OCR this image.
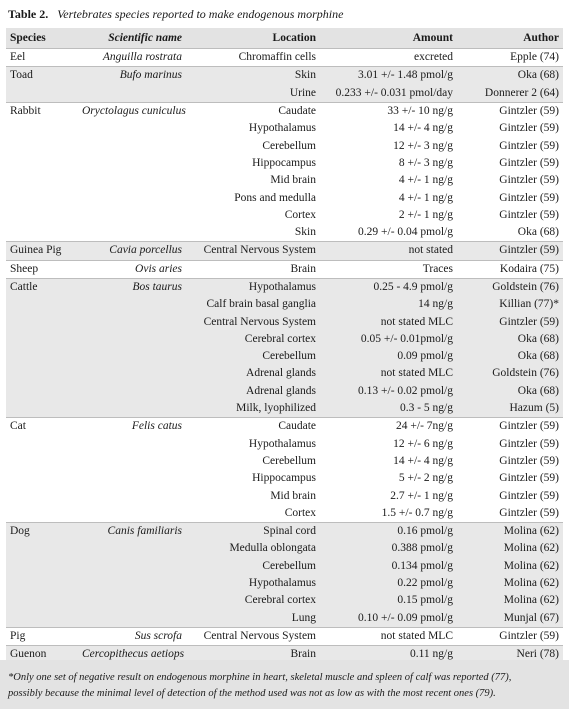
Table 2. Vertebrates species reported to make endogenous morphine
Species	Scientific name	Location	Amount	Author
Eel	Anguilla rostrata	Chromaffin cells	excreted	Epple (74)
Toad	Bufo marinus	Skin	3.01 +/- 1.48 pmol/g	Oka (68)
		Urine	0.233 +/- 0.031 pmol/day	Donnerer 2 (64)
Rabbit	Oryctolagus cuniculus	Caudate	33 +/- 10 ng/g	Gintzler (59)
		Hypothalamus	14 +/- 4 ng/g	Gintzler (59)
		Cerebellum	12 +/- 3 ng/g	Gintzler (59)
		Hippocampus	8 +/- 3 ng/g	Gintzler (59)
		Mid brain	4 +/- 1 ng/g	Gintzler (59)
		Pons and medulla	4 +/- 1 ng/g	Gintzler (59)
		Cortex	2 +/- 1 ng/g	Gintzler (59)
		Skin	0.29 +/- 0.04 pmol/g	Oka (68)
Guinea Pig	Cavia porcellus	Central Nervous System	not stated	Gintzler (59)
Sheep	Ovis aries	Brain	Traces	Kodaira (75)
Cattle	Bos taurus	Hypothalamus	0.25 - 4.9 pmol/g	Goldstein (76)
		Calf brain basal ganglia	14 ng/g	Killian (77)*
		Central Nervous System	not stated MLC	Gintzler (59)
		Cerebral cortex	0.05 +/- 0.01pmol/g	Oka (68)
		Cerebellum	0.09 pmol/g	Oka (68)
		Adrenal glands	not stated MLC	Goldstein (76)
		Adrenal glands	0.13 +/- 0.02 pmol/g	Oka (68)
		Milk, lyophilized	0.3 - 5 ng/g	Hazum (5)
Cat	Felis catus	Caudate	24 +/- 7ng/g	Gintzler (59)
		Hypothalamus	12 +/- 6 ng/g	Gintzler (59)
		Cerebellum	14 +/- 4 ng/g	Gintzler (59)
		Hippocampus	5 +/- 2 ng/g	Gintzler (59)
		Mid brain	2.7 +/- 1 ng/g	Gintzler (59)
		Cortex	1.5 +/- 0.7 ng/g	Gintzler (59)
Dog	Canis familiaris	Spinal cord	0.16 pmol/g	Molina (62)
		Medulla oblongata	0.388 pmol/g	Molina (62)
		Cerebellum	0.134 pmol/g	Molina (62)
		Hypothalamus	0.22 pmol/g	Molina (62)
		Cerebral cortex	0.15 pmol/g	Molina (62)
		Lung	0.10 +/- 0.09 pmol/g	Munjal (67)
Pig	Sus scrofa	Central Nervous System	not stated MLC	Gintzler (59)
Guenon	Cercopithecus aetiops	Brain	0.11 ng/g	Neri (78)
*Only one set of negative result on endogenous morphine in heart, skeletal muscle and spleen of calf was reported (77),
possibly because the minimal level of detection of the method used was not as low as with the most recent ones (79).
